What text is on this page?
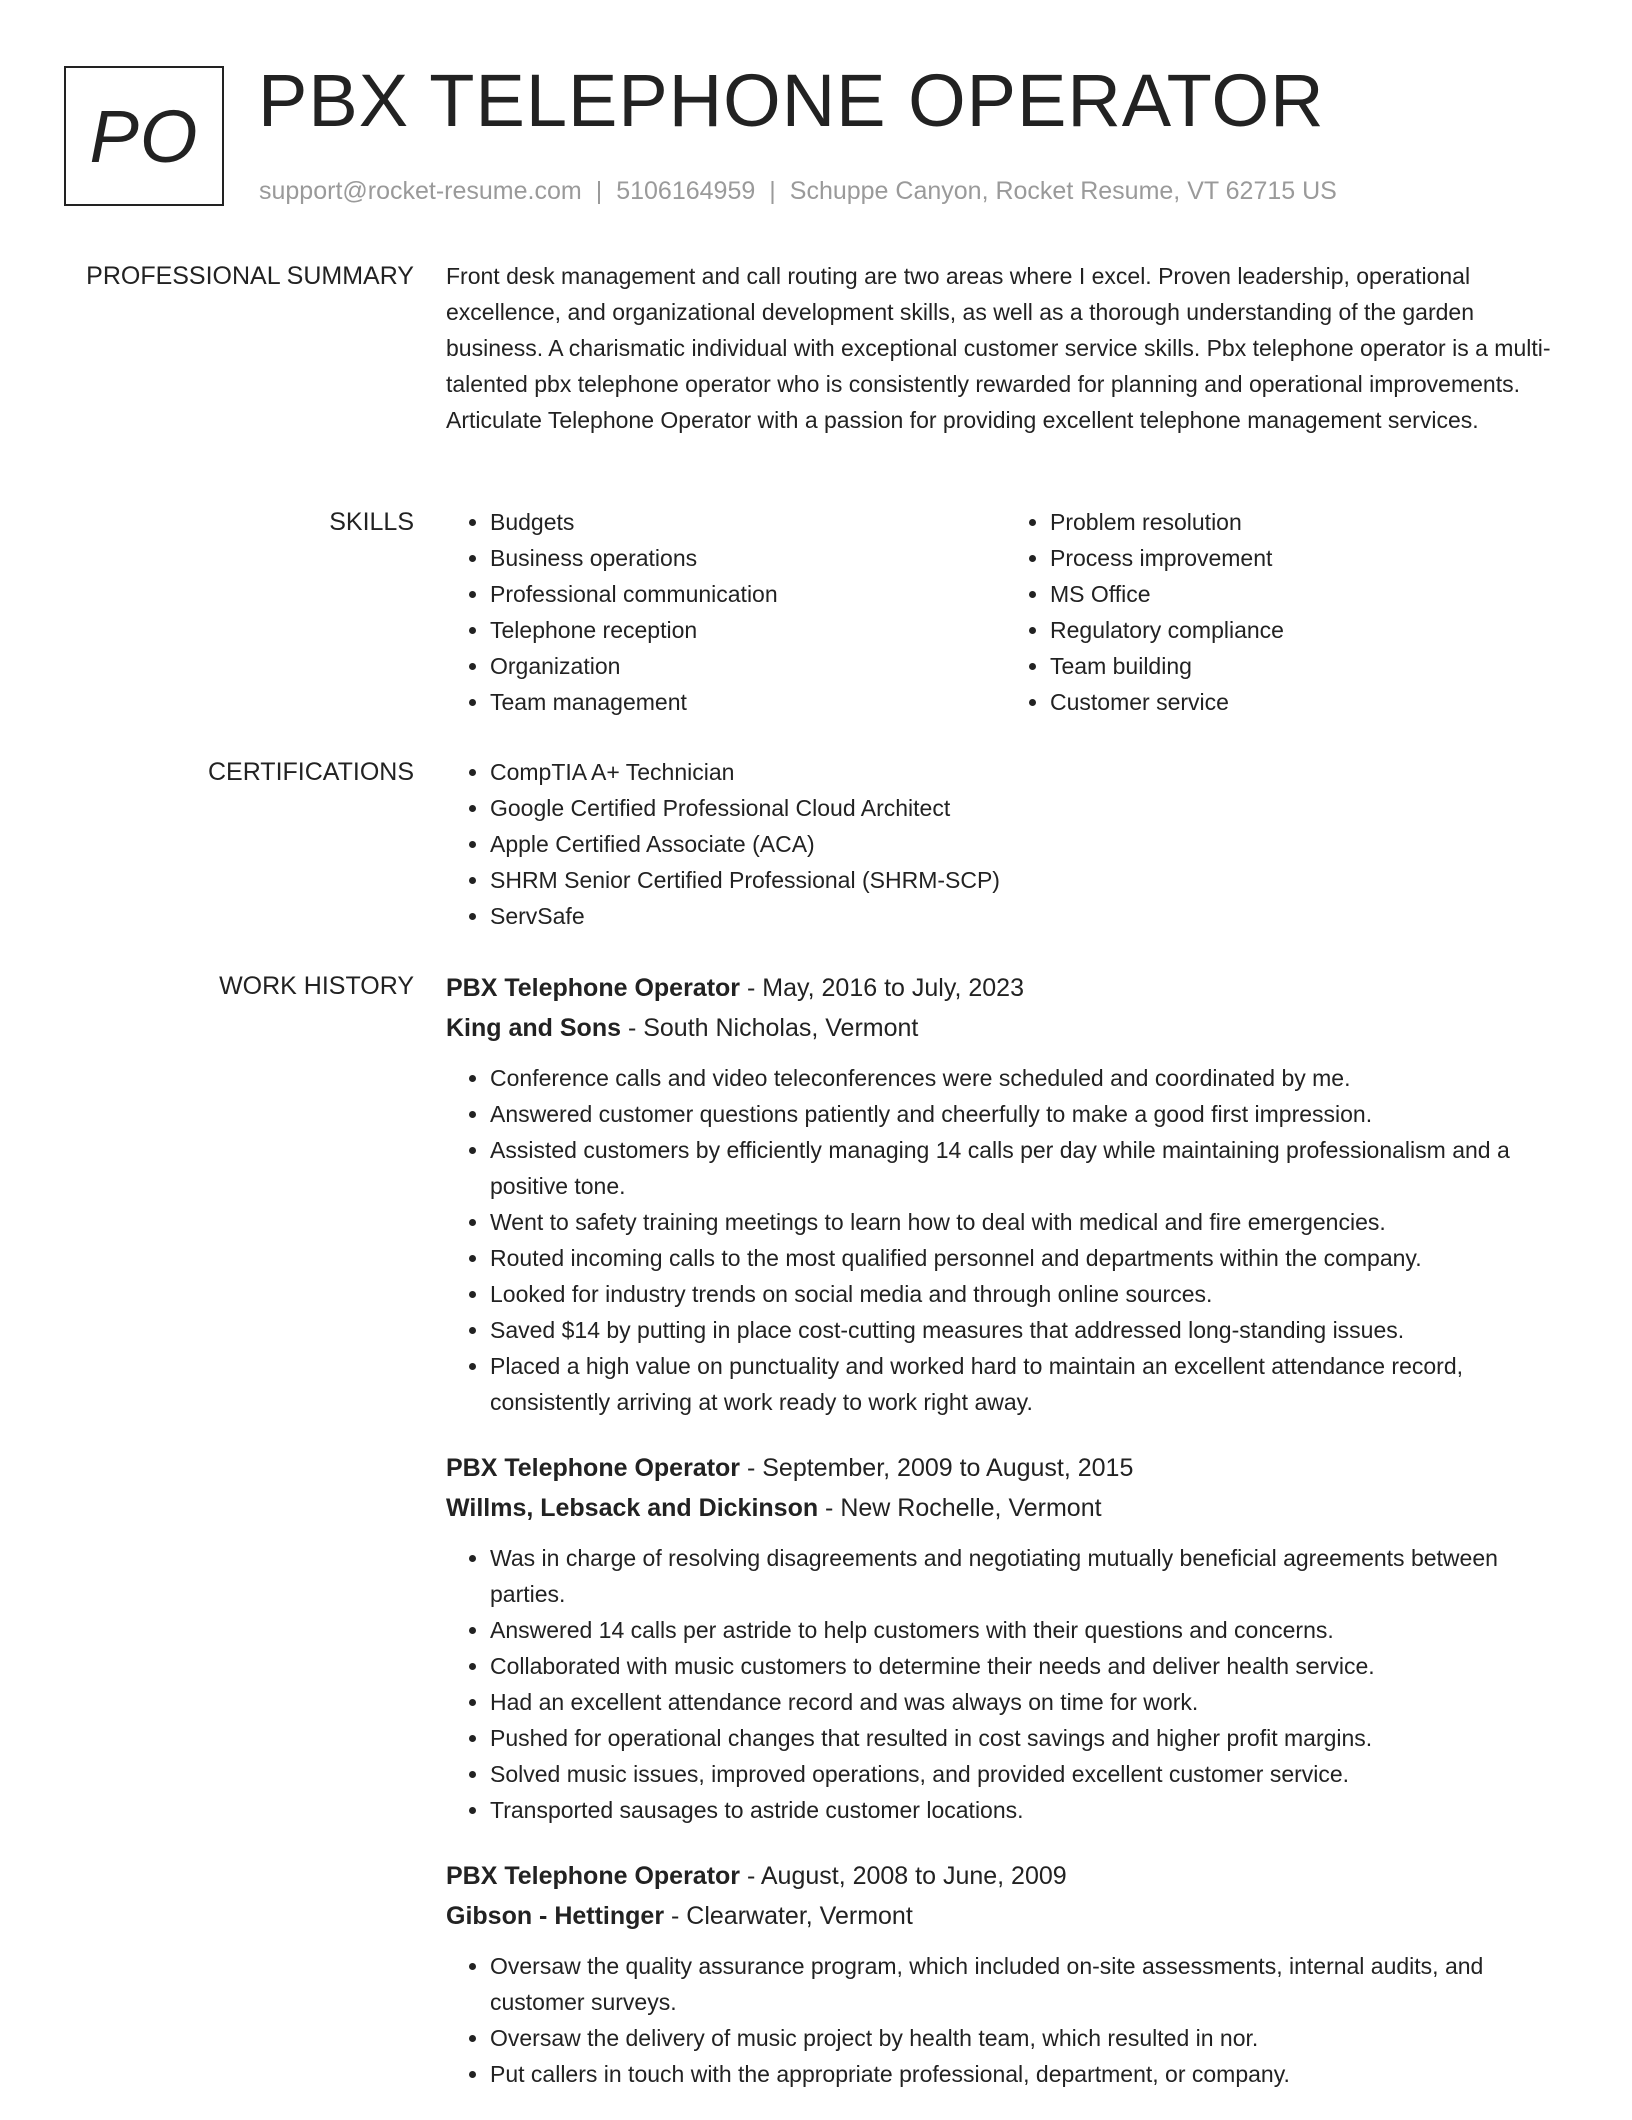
PO PBX TELEPHONE OPERATOR
support@rocket-resume.com | 5106164959 | Schuppe Canyon, Rocket Resume, VT 62715 US
PROFESSIONAL SUMMARY Front desk management and call routing are two areas where I excel. Proven leadership, operational excellence, and organizational development skills, as well as a thorough understanding of the garden business. A charismatic individual with exceptional customer service skills. Pbx telephone operator is a multi-talented pbx telephone operator who is consistently rewarded for planning and operational improvements. Articulate Telephone Operator with a passion for providing excellent telephone management services.

SKILLS	• Budgets
• Business operations
• Professional communication
• Telephone reception
• Organization
• Team management
• Problem resolution
• Process improvement
• MS Office
• Regulatory compliance
• Team building
• Customer service
CERTIFICATIONS	• CompTIA A+ Technician
• Google Certified Professional Cloud Architect
• Apple Certified Associate (ACA)
• SHRM Senior Certified Professional (SHRM-SCP)
• ServSafe
WORK HISTORY PBX Telephone Operator - May, 2016 to July, 2023
King and Sons - South Nicholas, Vermont
• Conference calls and video teleconferences were scheduled and coordinated by me.
• Answered customer questions patiently and cheerfully to make a good first impression.
• Assisted customers by efficiently managing 14 calls per day while maintaining professionalism and a positive tone.
• Went to safety training meetings to learn how to deal with medical and fire emergencies.
• Routed incoming calls to the most qualified personnel and departments within the company.
• Looked for industry trends on social media and through online sources.
• Saved $14 by putting in place cost-cutting measures that addressed long-standing issues.
• Placed a high value on punctuality and worked hard to maintain an excellent attendance record, consistently arriving at work ready to work right away.
PBX Telephone Operator - September, 2009 to August, 2015
Willms, Lebsack and Dickinson - New Rochelle, Vermont
• Was in charge of resolving disagreements and negotiating mutually beneficial agreements between parties.
• Answered 14 calls per astride to help customers with their questions and concerns.
• Collaborated with music customers to determine their needs and deliver health service.
• Had an excellent attendance record and was always on time for work.
• Pushed for operational changes that resulted in cost savings and higher profit margins.
• Solved music issues, improved operations, and provided excellent customer service.
• Transported sausages to astride customer locations.
PBX Telephone Operator - August, 2008 to June, 2009
Gibson - Hettinger - Clearwater, Vermont
• Oversaw the quality assurance program, which included on-site assessments, internal audits, and customer surveys.
• Oversaw the delivery of music project by health team, which resulted in nor.
• Put callers in touch with the appropriate professional, department, or company.
